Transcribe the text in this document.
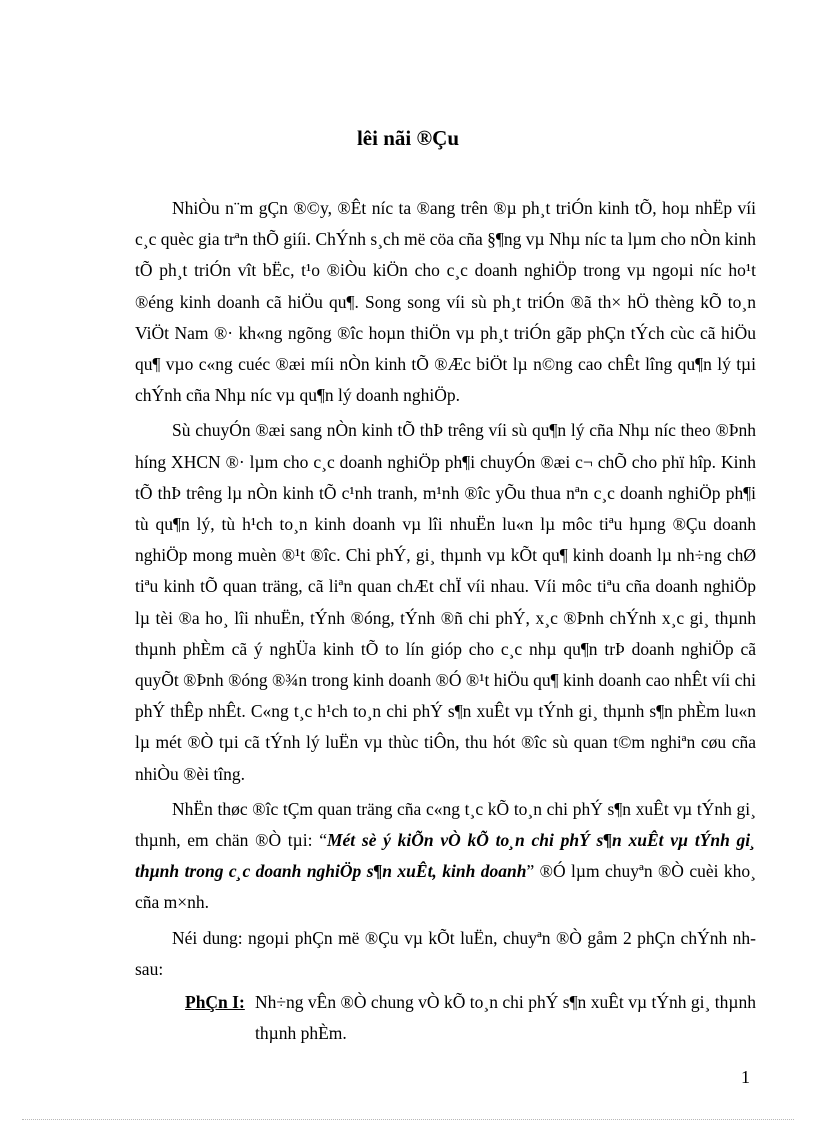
lêi nãi ®Çu

NhiÒu n¨m gÇn ®©y, ®Êt níc ta ®ang trên ®µ ph¸t triÓn kinh tÕ, hoµ nhËp víi c¸c quèc gia trªn thÕ giíi. ChÝnh s¸ch më cöa cña §¶ng vµ Nhµ níc ta lµm cho nÒn kinh tÕ ph¸t triÓn vît bËc, t¹o ®iÒu kiÖn cho c¸c doanh nghiÖp trong vµ ngoµi níc ho¹t ®éng kinh doanh cã hiÖu qu¶. Song song víi sù ph¸t triÓn ®ã th× hÖ thèng kÕ to¸n ViÖt Nam ®· kh«ng ngõng ®îc hoµn thiÖn vµ ph¸t triÓn gãp phÇn tÝch cùc cã hiÖu qu¶ vµo c«ng cuéc ®æi míi nÒn kinh tÕ ®Æc biÖt lµ n©ng cao chÊt lîng qu¶n lý tµi chÝnh cña Nhµ níc vµ qu¶n lý doanh nghiÖp.

Sù chuyÓn ®æi sang nÒn kinh tÕ thÞ trêng víi sù qu¶n lý cña Nhµ níc theo ®Þnh híng XHCN ®· lµm cho c¸c doanh nghiÖp ph¶i chuyÓn ®æi c¬ chÕ cho phï hîp. Kinh tÕ thÞ trêng lµ nÒn kinh tÕ c¹nh tranh, m¹nh ®îc yÕu thua nªn c¸c doanh nghiÖp ph¶i tù qu¶n lý, tù h¹ch to¸n kinh doanh vµ lîi nhuËn lu«n lµ môc tiªu hµng ®Çu doanh nghiÖp mong muèn ®¹t ®îc. Chi phÝ, gi¸ thµnh vµ kÕt qu¶ kinh doanh lµ nh÷ng chØ tiªu kinh tÕ quan träng, cã liªn quan chÆt chÏ víi nhau. Víi môc tiªu cña doanh nghiÖp lµ tèi ®a ho¸ lîi nhuËn, tÝnh ®óng, tÝnh ®ñ chi phÝ, x¸c ®Þnh chÝnh x¸c gi¸ thµnh thµnh phÈm cã ý nghÜa kinh tÕ to lín gióp cho c¸c nhµ qu¶n trÞ doanh nghiÖp cã quyÕt ®Þnh ®óng ®¾n trong kinh doanh ®Ó ®¹t hiÖu qu¶ kinh doanh cao nhÊt víi chi phÝ thÊp nhÊt. C«ng t¸c h¹ch to¸n chi phÝ s¶n xuÊt vµ tÝnh gi¸ thµnh s¶n phÈm lu«n lµ mét ®Ò tµi cã tÝnh lý luËn vµ thùc tiÔn, thu hót ®îc sù quan t©m nghiªn cøu cña nhiÒu ®èi tîng.

NhËn thøc ®îc tÇm quan träng cña c«ng t¸c kÕ to¸n chi phÝ s¶n xuÊt vµ tÝnh gi¸ thµnh, em chän ®Ò tµi: “Mét sè ý kiÕn vÒ kÕ to¸n chi phÝ s¶n xuÊt vµ tÝnh gi¸ thµnh trong c¸c doanh nghiÖp s¶n xuÊt, kinh doanh” ®Ó lµm chuyªn ®Ò cuèi kho¸ cña m×nh.

Néi dung: ngoµi phÇn më ®Çu vµ kÕt luËn, chuyªn ®Ò gåm 2 phÇn chÝnh nh sau:

PhÇn I: Nh÷ng vÊn ®Ò chung vÒ kÕ to¸n chi phÝ s¶n xuÊt vµ tÝnh gi¸ thµnh thµnh phÈm.
1
